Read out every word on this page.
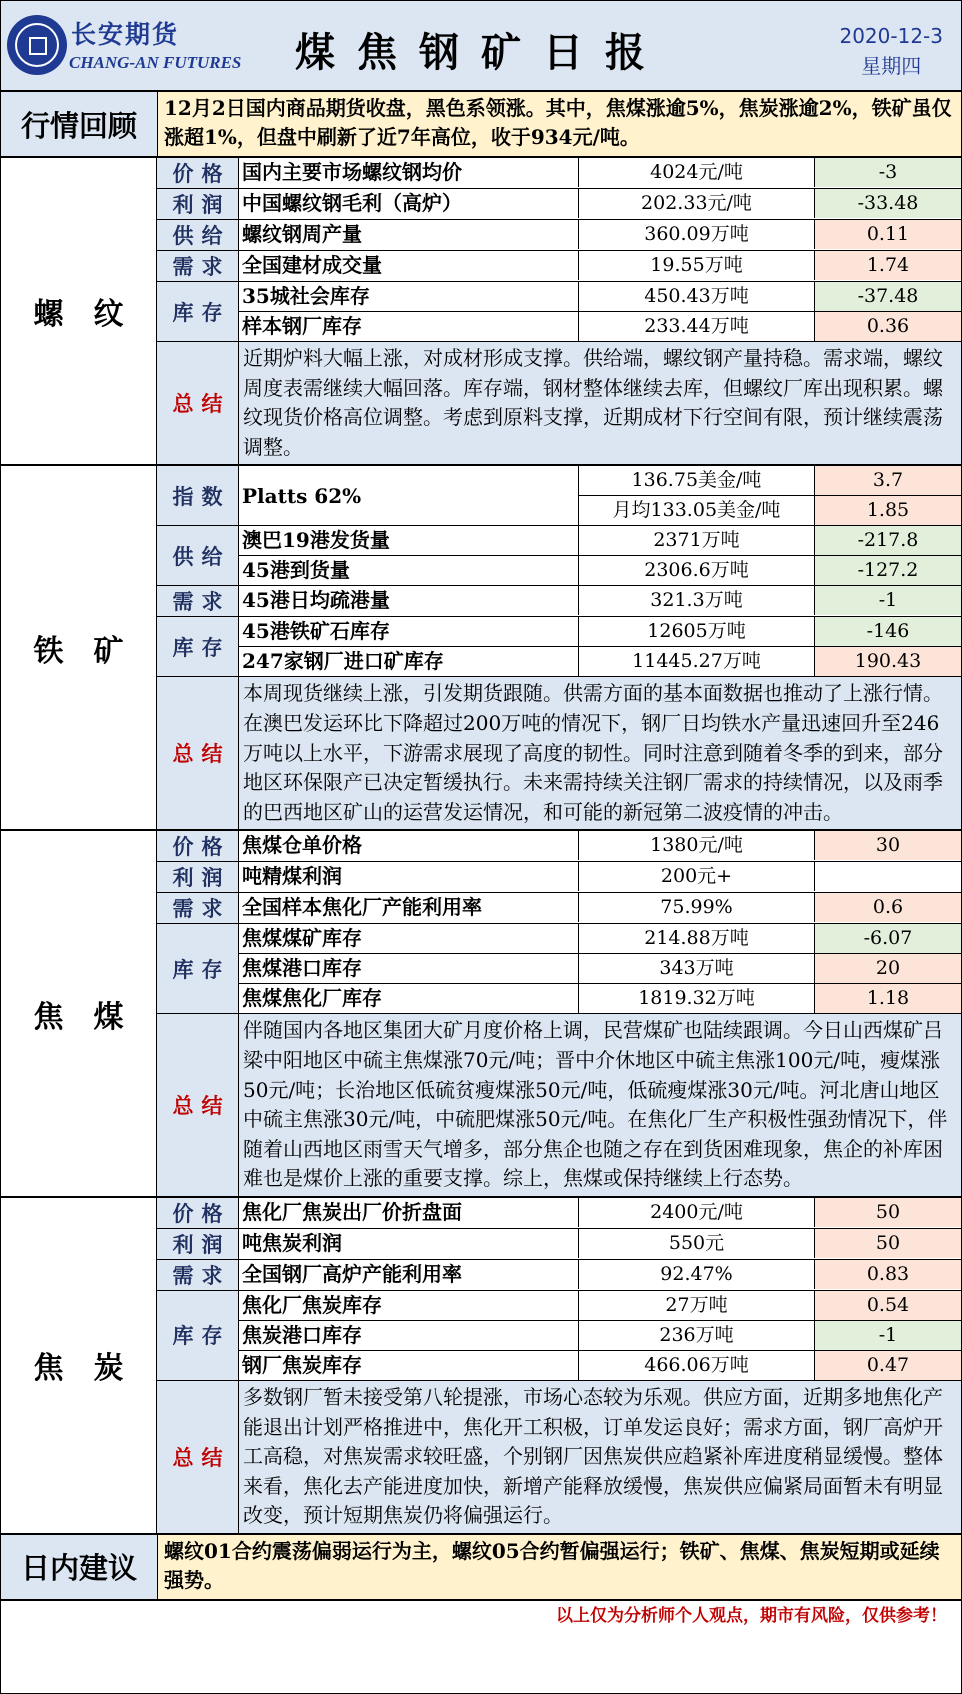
长安期货
CHANG-AN FUTURES	煤焦钢矿日报	2020-12-3
星期四
行情回顾
12月2日国内商品期货收盘，黑色系领涨。其中，焦煤涨逾5%，焦炭涨逾2%，铁矿虽仅涨超1%，但盘中刷新了近7年高位，收于934元/吨。
螺纹
价格 国内主要市场螺纹钢均价	4024元/吨	-3
利润 中国螺纹钢毛利（高炉）	202.33元/吨	-33.48
供给 螺纹钢周产量	360.09万吨	0.11
需求 全国建材成交量	19.55万吨	1.74
库存
35城社会库存	450.43万吨	-37.48
样本钢厂库存	233.44万吨	0.36
总结
近期炉料大幅上涨，对成材形成支撑。供给端，螺纹钢产量持稳。需求端，螺纹周度表需继续大幅回落。库存端，钢材整体继续去库，但螺纹厂库出现积累。螺纹现货价格高位调整。考虑到原料支撑，近期成材下行空间有限，预计继续震荡调整。
铁矿
指数 Platts 62%
136.75美金/吨	3.7
月均133.05美金/吨	1.85
供给
澳巴19港发货量	2371万吨	-217.8
45港到货量	2306.6万吨	-127.2
需求 45港日均疏港量	321.3万吨	-1
库存
45港铁矿石库存	12605万吨	-146
247家钢厂进口矿库存	11445.27万吨	190.43
总结
本周现货继续上涨，引发期货跟随。供需方面的基本面数据也推动了上涨行情。在澳巴发运环比下降超过200万吨的情况下，钢厂日均铁水产量迅速回升至246万吨以上水平，下游需求展现了高度的韧性。同时注意到随着冬季的到来，部分地区环保限产已决定暂缓执行。未来需持续关注钢厂需求的持续情况，以及雨季的巴西地区矿山的运营发运情况，和可能的新冠第二波疫情的冲击。
焦煤
价格 焦煤仓单价格	1380元/吨	30
利润 吨精煤利润	200元+
需求 全国样本焦化厂产能利用率	75.99%	0.6
库存
焦煤煤矿库存	214.88万吨	-6.07
焦煤港口库存	343万吨	20
焦煤焦化厂库存	1819.32万吨	1.18
总结
伴随国内各地区集团大矿月度价格上调，民营煤矿也陆续跟调。今日山西煤矿吕梁中阳地区中硫主焦煤涨70元/吨；晋中介休地区中硫主焦涨100元/吨，瘦煤涨50元/吨；长治地区低硫贫瘦煤涨50元/吨，低硫瘦煤涨30元/吨。河北唐山地区中硫主焦涨30元/吨，中硫肥煤涨50元/吨。在焦化厂生产积极性强劲情况下，伴随着山西地区雨雪天气增多，部分焦企也随之存在到货困难现象，焦企的补库困难也是煤价上涨的重要支撑。综上，焦煤或保持继续上行态势。
焦炭
价格 焦化厂焦炭出厂价折盘面	2400元/吨	50
利润 吨焦炭利润	550元	50
需求 全国钢厂高炉产能利用率	92.47%	0.83
库存
焦化厂焦炭库存	27万吨	0.54
焦炭港口库存	236万吨	-1
钢厂焦炭库存	466.06万吨	0.47
总结
多数钢厂暂未接受第八轮提涨，市场心态较为乐观。供应方面，近期多地焦化产能退出计划严格推进中，焦化开工积极，订单发运良好；需求方面，钢厂高炉开工高稳，对焦炭需求较旺盛，个别钢厂因焦炭供应趋紧补库进度稍显缓慢。整体来看，焦化去产能进度加快，新增产能释放缓慢，焦炭供应偏紧局面暂未有明显改变，预计短期焦炭仍将偏强运行。
日内建议
螺纹01合约震荡偏弱运行为主，螺纹05合约暂偏强运行；铁矿、焦煤、焦炭短期或延续强势。
以上仅为分析师个人观点，期市有风险，仅供参考！
